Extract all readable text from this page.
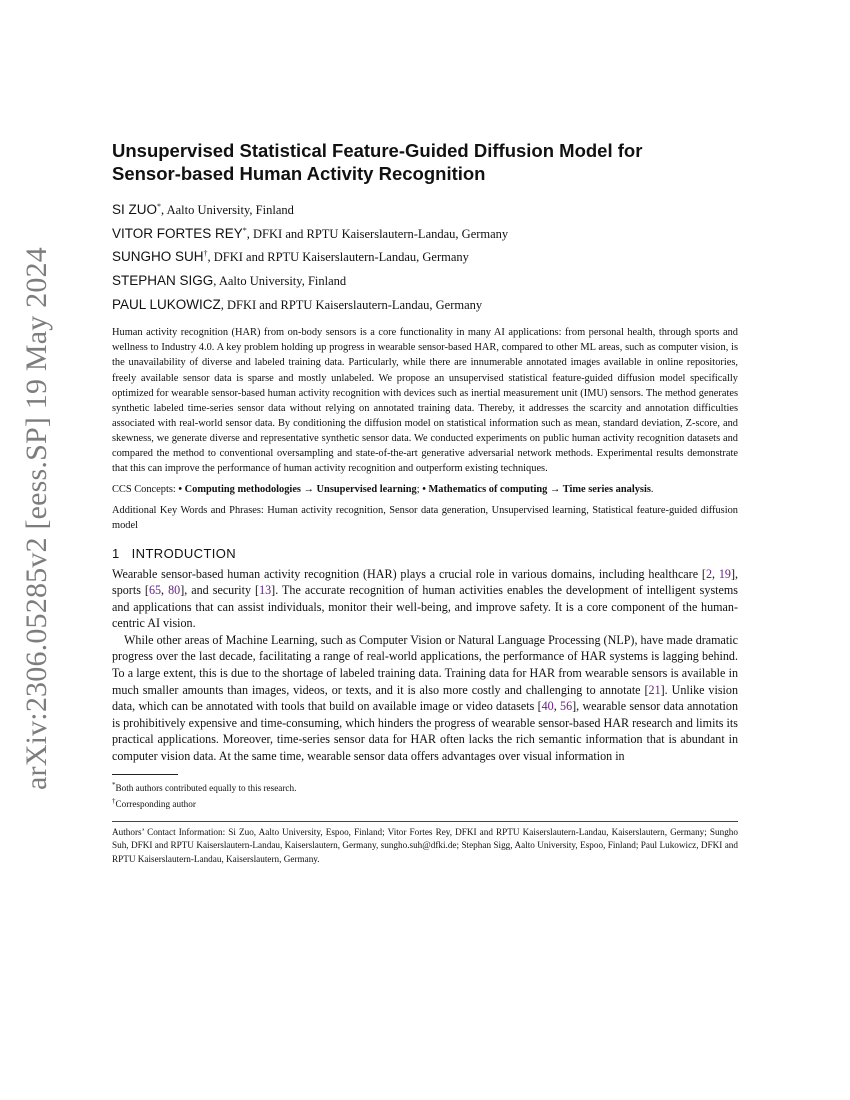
arXiv:2306.05285v2 [eess.SP] 19 May 2024
Unsupervised Statistical Feature-Guided Diffusion Model for
Sensor-based Human Activity Recognition
SI ZUO*, Aalto University, Finland
VITOR FORTES REY*, DFKI and RPTU Kaiserslautern-Landau, Germany
SUNGHO SUH†, DFKI and RPTU Kaiserslautern-Landau, Germany
STEPHAN SIGG, Aalto University, Finland
PAUL LUKOWICZ, DFKI and RPTU Kaiserslautern-Landau, Germany

Human activity recognition (HAR) from on-body sensors is a core functionality in many AI applications: from personal health, through sports and wellness to Industry 4.0. A key problem holding up progress in wearable sensor-based HAR, compared to other ML areas, such as computer vision, is the unavailability of diverse and labeled training data. Particularly, while there are innumerable annotated images available in online repositories, freely available sensor data is sparse and mostly unlabeled. We propose an unsupervised statistical feature-guided diffusion model specifically optimized for wearable sensor-based human activity recognition with devices such as inertial measurement unit (IMU) sensors. The method generates synthetic labeled time-series sensor data without relying on annotated training data. Thereby, it addresses the scarcity and annotation difficulties associated with real-world sensor data. By conditioning the diffusion model on statistical information such as mean, standard deviation, Z-score, and skewness, we generate diverse and representative synthetic sensor data. We conducted experiments on public human activity recognition datasets and compared the method to conventional oversampling and state-of-the-art generative adversarial network methods. Experimental results demonstrate that this can improve the performance of human activity recognition and outperform existing techniques.

CCS Concepts: • Computing methodologies → Unsupervised learning; • Mathematics of computing → Time series analysis.

Additional Key Words and Phrases: Human activity recognition, Sensor data generation, Unsupervised learning, Statistical feature-guided diffusion model

1 INTRODUCTION

Wearable sensor-based human activity recognition (HAR) plays a crucial role in various domains, including healthcare [2, 19], sports [65, 80], and security [13]. The accurate recognition of human activities enables the development of intelligent systems and applications that can assist individuals, monitor their well-being, and improve safety. It is a core component of the human-centric AI vision.

While other areas of Machine Learning, such as Computer Vision or Natural Language Processing (NLP), have made dramatic progress over the last decade, facilitating a range of real-world applications, the performance of HAR systems is lagging behind. To a large extent, this is due to the shortage of labeled training data. Training data for HAR from wearable sensors is available in much smaller amounts than images, videos, or texts, and it is also more costly and challenging to annotate [21]. Unlike vision data, which can be annotated with tools that build on available image or video datasets [40, 56], wearable sensor data annotation is prohibitively expensive and time-consuming, which hinders the progress of wearable sensor-based HAR research and limits its practical applications. Moreover, time-series sensor data for HAR often lacks the rich semantic information that is abundant in computer vision data. At the same time, wearable sensor data offers advantages over visual information in

*Both authors contributed equally to this research.

†Corresponding author

Authors’ Contact Information: Si Zuo, Aalto University, Espoo, Finland; Vitor Fortes Rey, DFKI and RPTU Kaiserslautern-Landau, Kaiserslautern, Germany; Sungho Suh, DFKI and RPTU Kaiserslautern-Landau, Kaiserslautern, Germany, sungho.suh@dfki.de; Stephan Sigg, Aalto University, Espoo, Finland; Paul Lukowicz, DFKI and RPTU Kaiserslautern-Landau, Kaiserslautern, Germany.
